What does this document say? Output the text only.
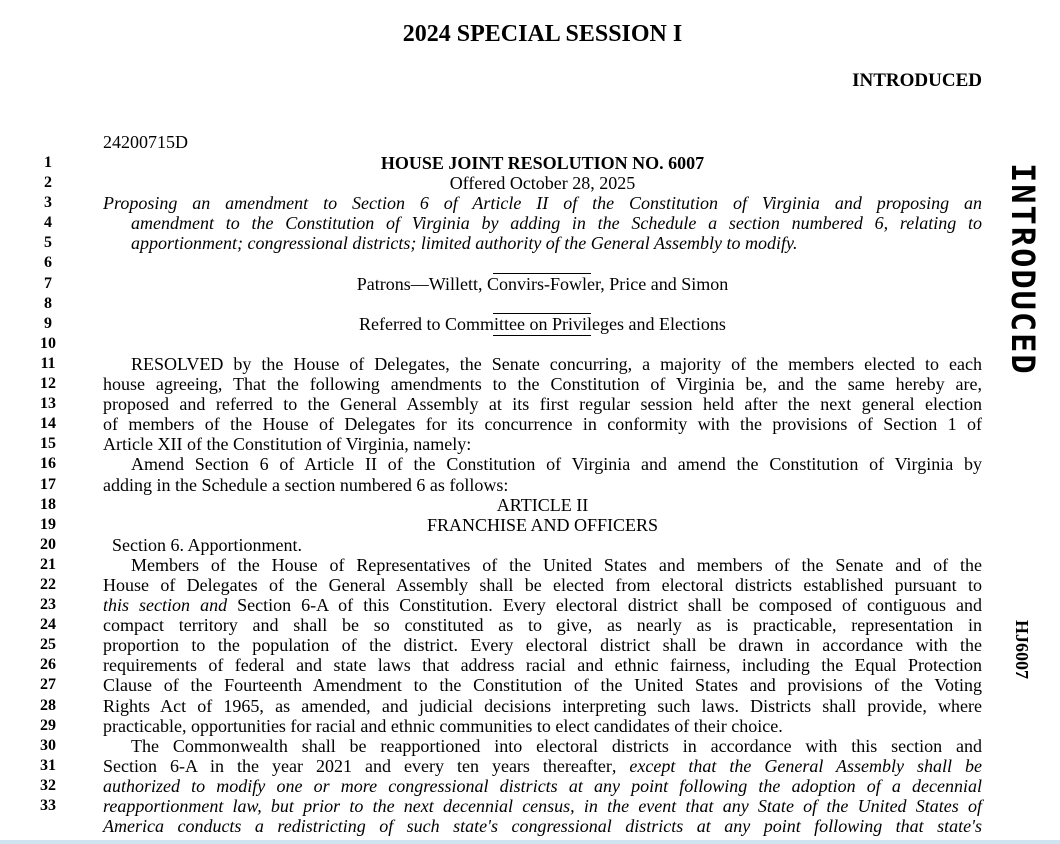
2024 SPECIAL SESSION I
INTRODUCED
24200715D
1
2
3
4
5
6
7
8
9
10
11
12
13
14
15
16
17
18
19
20
21
22
23
24
25
26
27
28
29
30
31
32
33
HOUSE JOINT RESOLUTION NO. 6007
Offered October 28, 2025
Proposing an amendment to Section 6 of Article II of the Constitution of Virginia and proposing an
amendment to the Constitution of Virginia by adding in the Schedule a section numbered 6, relating to
apportionment; congressional districts; limited authority of the General Assembly to modify.
Patrons—Willett, Convirs-Fowler, Price and Simon
Referred to Committee on Privileges and Elections
RESOLVED by the House of Delegates, the Senate concurring, a majority of the members elected to each
house agreeing, That the following amendments to the Constitution of Virginia be, and the same hereby are,
proposed and referred to the General Assembly at its first regular session held after the next general election
of members of the House of Delegates for its concurrence in conformity with the provisions of Section 1 of
Article XII of the Constitution of Virginia, namely:
Amend Section 6 of Article II of the Constitution of Virginia and amend the Constitution of Virginia by
adding in the Schedule a section numbered 6 as follows:
ARTICLE II
FRANCHISE AND OFFICERS
Section 6. Apportionment.
Members of the House of Representatives of the United States and members of the Senate and of the
House of Delegates of the General Assembly shall be elected from electoral districts established pursuant to
this section and Section 6-A of this Constitution. Every electoral district shall be composed of contiguous and
compact territory and shall be so constituted as to give, as nearly as is practicable, representation in
proportion to the population of the district. Every electoral district shall be drawn in accordance with the
requirements of federal and state laws that address racial and ethnic fairness, including the Equal Protection
Clause of the Fourteenth Amendment to the Constitution of the United States and provisions of the Voting
Rights Act of 1965, as amended, and judicial decisions interpreting such laws. Districts shall provide, where
practicable, opportunities for racial and ethnic communities to elect candidates of their choice.
The Commonwealth shall be reapportioned into electoral districts in accordance with this section and
Section 6-A in the year 2021 and every ten years thereafter, except that the General Assembly shall be
authorized to modify one or more congressional districts at any point following the adoption of a decennial
reapportionment law, but prior to the next decennial census, in the event that any State of the United States of
America conducts a redistricting of such state's congressional districts at any point following that state's
INTRODUCED
HJ6007
